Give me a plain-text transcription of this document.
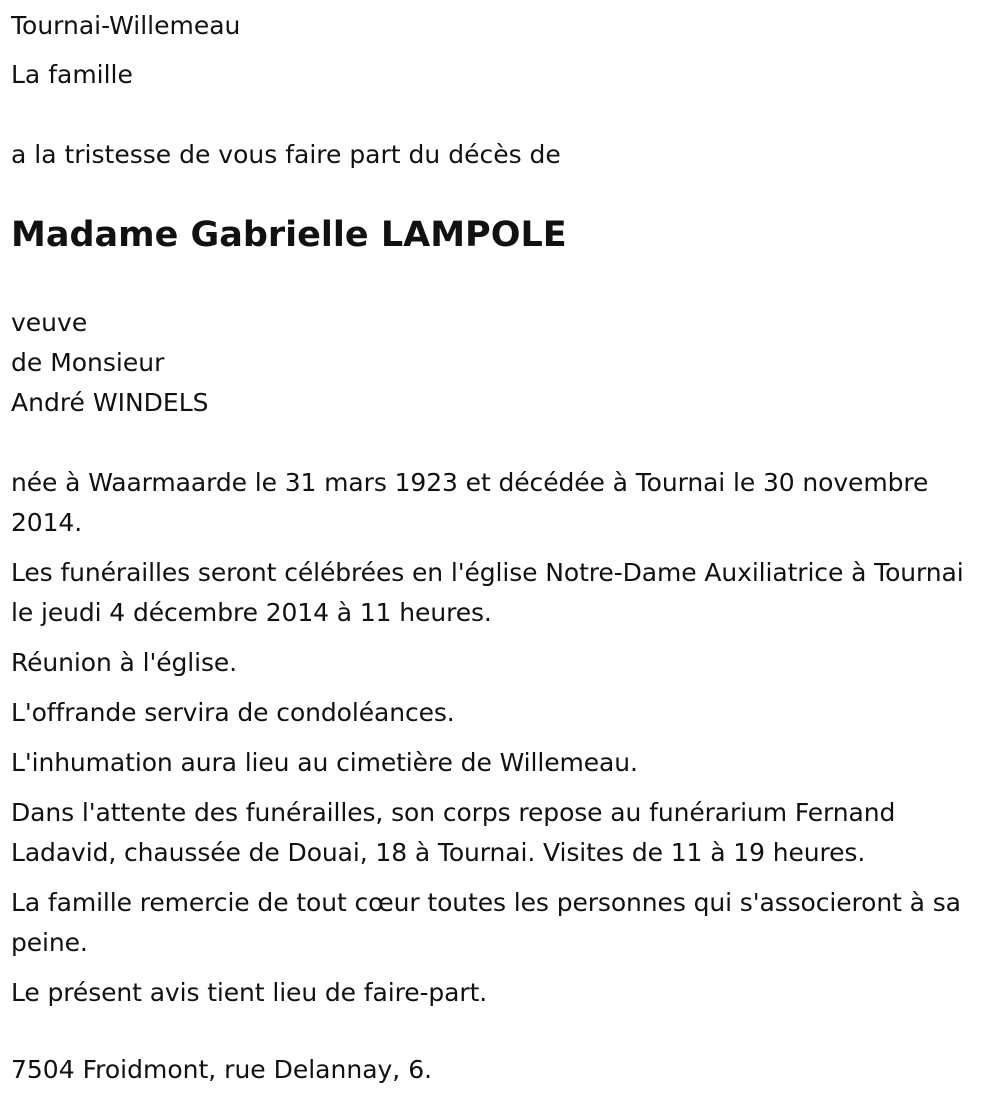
Tournai-Willemeau

La famille

a la tristesse de vous faire part du décès de

Madame Gabrielle LAMPOLE

veuve

de Monsieur

André WINDELS

née à Waarmaarde le 31 mars 1923 et décédée à Tournai le 30 novembre 2014.

Les funérailles seront célébrées en l'église Notre-Dame Auxiliatrice à Tournai le jeudi 4 décembre 2014 à 11 heures.

Réunion à l'église.

L'offrande servira de condoléances.

L'inhumation aura lieu au cimetière de Willemeau.

Dans l'attente des funérailles, son corps repose au funérarium Fernand Ladavid, chaussée de Douai, 18 à Tournai. Visites de 11 à 19 heures.

La famille remercie de tout cœur toutes les personnes qui s'associeront à sa peine.

Le présent avis tient lieu de faire-part.

7504 Froidmont, rue Delannay, 6.
